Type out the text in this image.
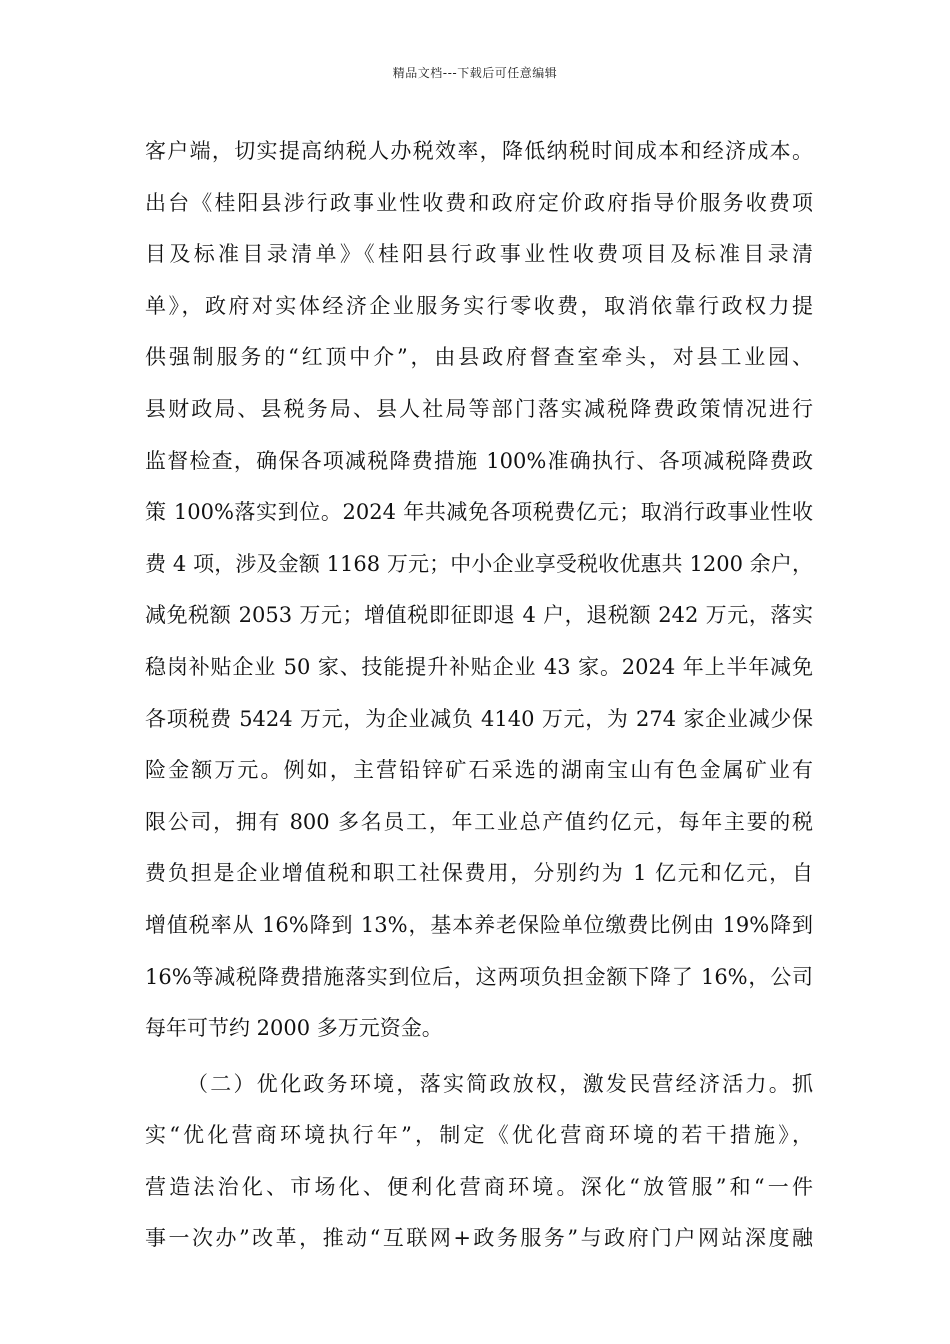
精品文档---下载后可任意编辑
客户端，切实提高纳税人办税效率，降低纳税时间成本和经济成本。
出台《桂阳县涉行政事业性收费和政府定价政府指导价服务收费项
目及标准目录清单》《桂阳县行政事业性收费项目及标准目录清
单》，政府对实体经济企业服务实行零收费，取消依靠行政权力提
供强制服务的“红顶中介”，由县政府督查室牵头，对县工业园、
县财政局、县税务局、县人社局等部门落实减税降费政策情况进行
监督检查，确保各项减税降费措施 100%准确执行、各项减税降费政
策 100%落实到位。2024 年共减免各项税费亿元；取消行政事业性收
费 4 项，涉及金额 1168 万元；中小企业享受税收优惠共 1200 余户，
减免税额 2053 万元；增值税即征即退 4 户，退税额 242 万元，落实
稳岗补贴企业 50 家、技能提升补贴企业 43 家。2024 年上半年减免
各项税费 5424 万元，为企业减负 4140 万元，为 274 家企业减少保
险金额万元。例如，主营铅锌矿石采选的湖南宝山有色金属矿业有
限公司，拥有 800 多名员工，年工业总产值约亿元，每年主要的税
费负担是企业增值税和职工社保费用，分别约为 1 亿元和亿元，自
增值税率从 16%降到 13%，基本养老保险单位缴费比例由 19%降到
16%等减税降费措施落实到位后，这两项负担金额下降了 16%，公司
每年可节约 2000 多万元资金。
（二）优化政务环境，落实简政放权，激发民营经济活力。抓
实“优化营商环境执行年”，制定《优化营商环境的若干措施》，
营造法治化、市场化、便利化营商环境。深化“放管服”和“一件
事一次办”改革，推动“互联网+政务服务”与政府门户网站深度融
